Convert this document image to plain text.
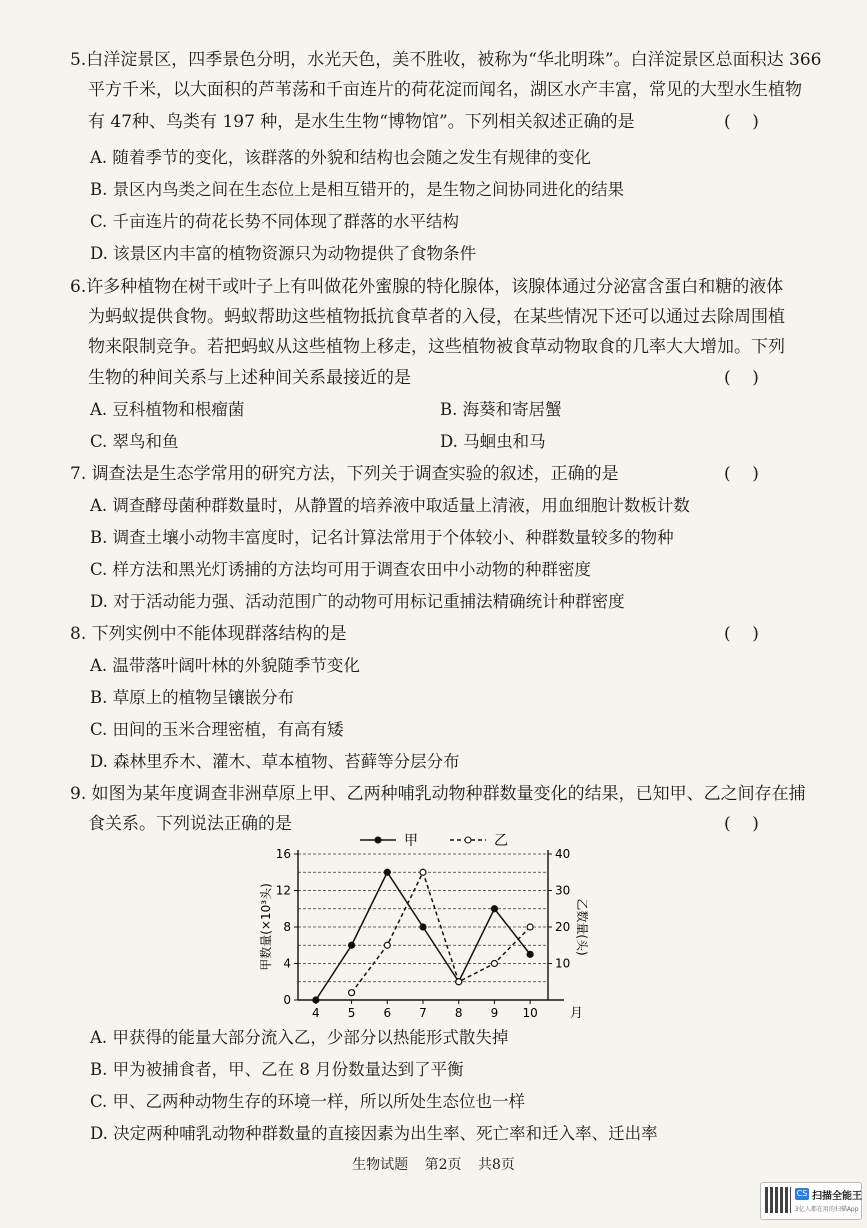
5.白洋淀景区，四季景色分明，水光天色，美不胜收，被称为“华北明珠”。白洋淀景区总面积达 366
平方千米，以大面积的芦苇荡和千亩连片的荷花淀而闻名，湖区水产丰富，常见的大型水生植物
有 47种、鸟类有 197 种，是水生生物“博物馆”。下列相关叙述正确的是	(    )
A. 随着季节的变化，该群落的外貌和结构也会随之发生有规律的变化
B. 景区内鸟类之间在生态位上是相互错开的，是生物之间协同进化的结果
C. 千亩连片的荷花长势不同体现了群落的水平结构
D. 该景区内丰富的植物资源只为动物提供了食物条件
6.许多种植物在树干或叶子上有叫做花外蜜腺的特化腺体，该腺体通过分泌富含蛋白和糖的液体
为蚂蚁提供食物。蚂蚁帮助这些植物抵抗食草者的入侵，在某些情况下还可以通过去除周围植
物来限制竞争。若把蚂蚁从这些植物上移走，这些植物被食草动物取食的几率大大增加。下列
生物的种间关系与上述种间关系最接近的是	(    )
A. 豆科植物和根瘤菌	B. 海葵和寄居蟹
C. 翠鸟和鱼	D. 马蛔虫和马
7. 调查法是生态学常用的研究方法，下列关于调查实验的叙述，正确的是	(    )
A. 调查酵母菌种群数量时，从静置的培养液中取适量上清液，用血细胞计数板计数
B. 调查土壤小动物丰富度时，记名计算法常用于个体较小、种群数量较多的物种
C. 样方法和黑光灯诱捕的方法均可用于调查农田中小动物的种群密度
D. 对于活动能力强、活动范围广的动物可用标记重捕法精确统计种群密度
8. 下列实例中不能体现群落结构的是	(    )
A. 温带落叶阔叶林的外貌随季节变化
B. 草原上的植物呈镶嵌分布
C. 田间的玉米合理密植，有高有矮
D. 森林里乔木、灌木、草本植物、苔藓等分层分布
9. 如图为某年度调查非洲草原上甲、乙两种哺乳动物种群数量变化的结果，已知甲、乙之间存在捕
食关系。下列说法正确的是	(    )
0
4
8
12
16
10
20
30
40
4 5 6 7 8 9 10 月
甲数量(×10³头)	乙数量(头)
甲	乙
A. 甲获得的能量大部分流入乙，少部分以热能形式散失掉
B. 甲为被捕食者，甲、乙在 8 月份数量达到了平衡
C. 甲、乙两种动物生存的环境一样，所以所处生态位也一样
D. 决定两种哺乳动物种群数量的直接因素为出生率、死亡率和迁入率、迁出率
生物试题 第2页 共8页
CS 扫描全能王
3亿人都在用的扫描App
